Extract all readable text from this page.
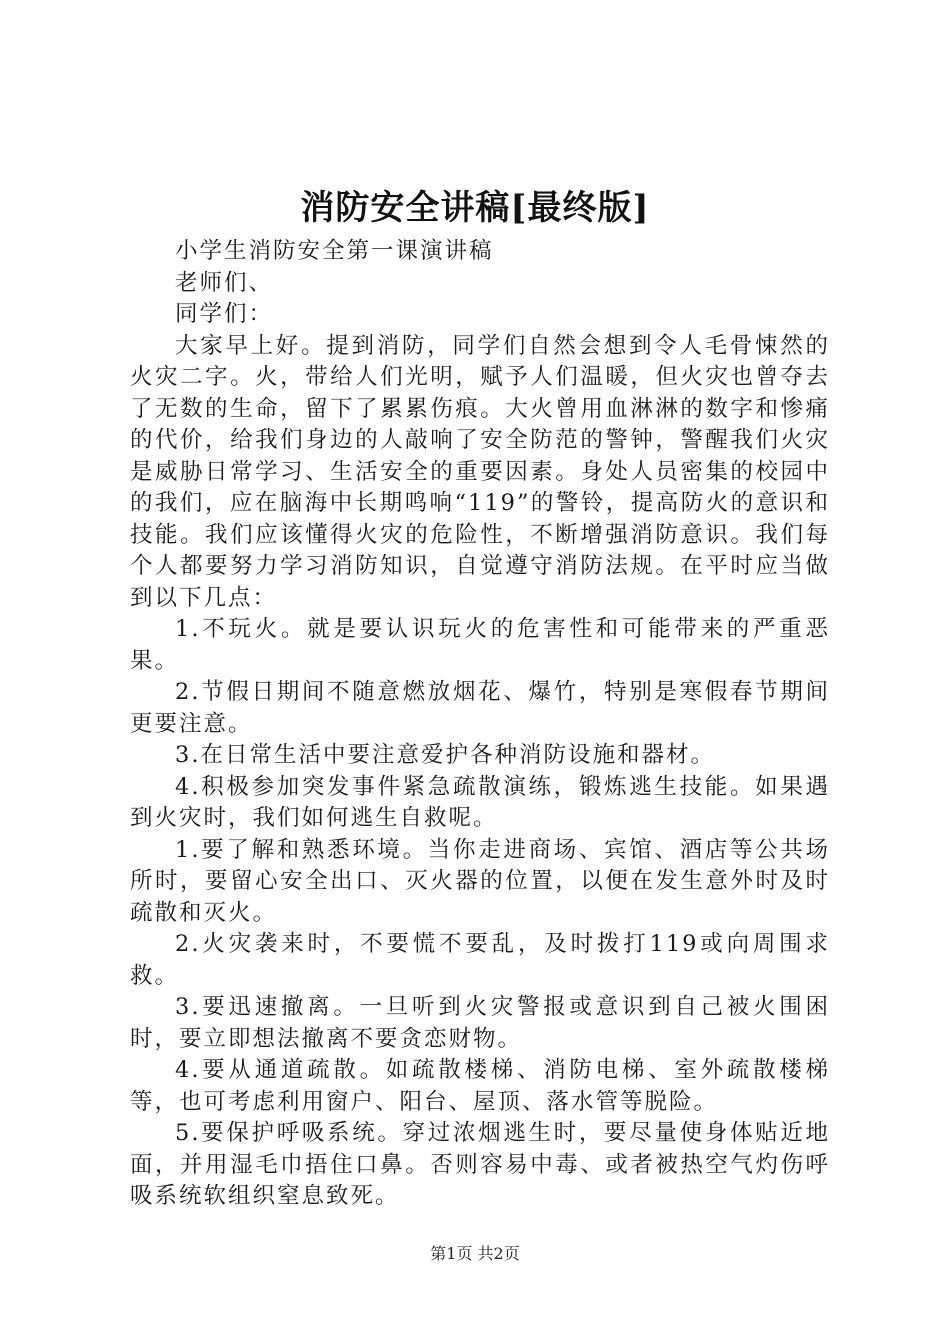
消防安全讲稿[最终版]

小学生消防安全第一课演讲稿

老师们、

同学们：

大家早上好。提到消防，同学们自然会想到令人毛骨悚然的火灾二字。火，带给人们光明，赋予人们温暖，但火灾也曾夺去了无数的生命，留下了累累伤痕。大火曾用血淋淋的数字和惨痛的代价，给我们身边的人敲响了安全防范的警钟，警醒我们火灾是威胁日常学习、生活安全的重要因素。身处人员密集的校园中的我们，应在脑海中长期鸣响“119”的警铃，提高防火的意识和技能。我们应该懂得火灾的危险性，不断增强消防意识。我们每个人都要努力学习消防知识，自觉遵守消防法规。在平时应当做到以下几点：

1.不玩火。就是要认识玩火的危害性和可能带来的严重恶果。

2.节假日期间不随意燃放烟花、爆竹，特别是寒假春节期间更要注意。

3.在日常生活中要注意爱护各种消防设施和器材。

4.积极参加突发事件紧急疏散演练，锻炼逃生技能。如果遇到火灾时，我们如何逃生自救呢。

1.要了解和熟悉环境。当你走进商场、宾馆、酒店等公共场所时，要留心安全出口、灭火器的位置，以便在发生意外时及时疏散和灭火。

2.火灾袭来时，不要慌不要乱，及时拨打119或向周围求救。

3.要迅速撤离。一旦听到火灾警报或意识到自己被火围困时，要立即想法撤离不要贪恋财物。

4.要从通道疏散。如疏散楼梯、消防电梯、室外疏散楼梯等，也可考虑利用窗户、阳台、屋顶、落水管等脱险。

5.要保护呼吸系统。穿过浓烟逃生时，要尽量使身体贴近地面，并用湿毛巾捂住口鼻。否则容易中毒、或者被热空气灼伤呼吸系统软组织窒息致死。

第1页 共2页
